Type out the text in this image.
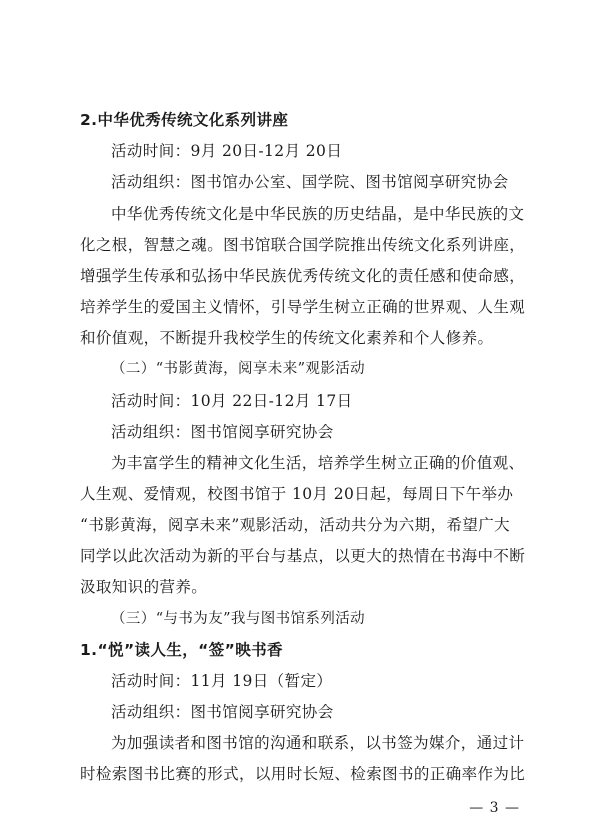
2.中华优秀传统文化系列讲座
活动时间：9月 20日-12月 20日
活动组织：图书馆办公室、国学院、图书馆阅享研究协会
中华优秀传统文化是中华民族的历史结晶，是中华民族的文
化之根，智慧之魂。图书馆联合国学院推出传统文化系列讲座，
增强学生传承和弘扬中华民族优秀传统文化的责任感和使命感，
培养学生的爱国主义情怀，引导学生树立正确的世界观、人生观
和价值观，不断提升我校学生的传统文化素养和个人修养。
（二）“书影黄海，阅享未来”观影活动
活动时间：10月 22日-12月 17日
活动组织：图书馆阅享研究协会
为丰富学生的精神文化生活，培养学生树立正确的价值观、
人生观、爱情观，校图书馆于 10月 20日起，每周日下午举办
“书影黄海，阅享未来”观影活动，活动共分为六期，希望广大
同学以此次活动为新的平台与基点，以更大的热情在书海中不断
汲取知识的营养。
（三）“与书为友”我与图书馆系列活动
1.“悦”读人生，“签”映书香
活动时间：11月 19日（暂定）
活动组织：图书馆阅享研究协会
为加强读者和图书馆的沟通和联系，以书签为媒介，通过计
时检索图书比赛的形式，以用时长短、检索图书的正确率作为比
— 3 —
